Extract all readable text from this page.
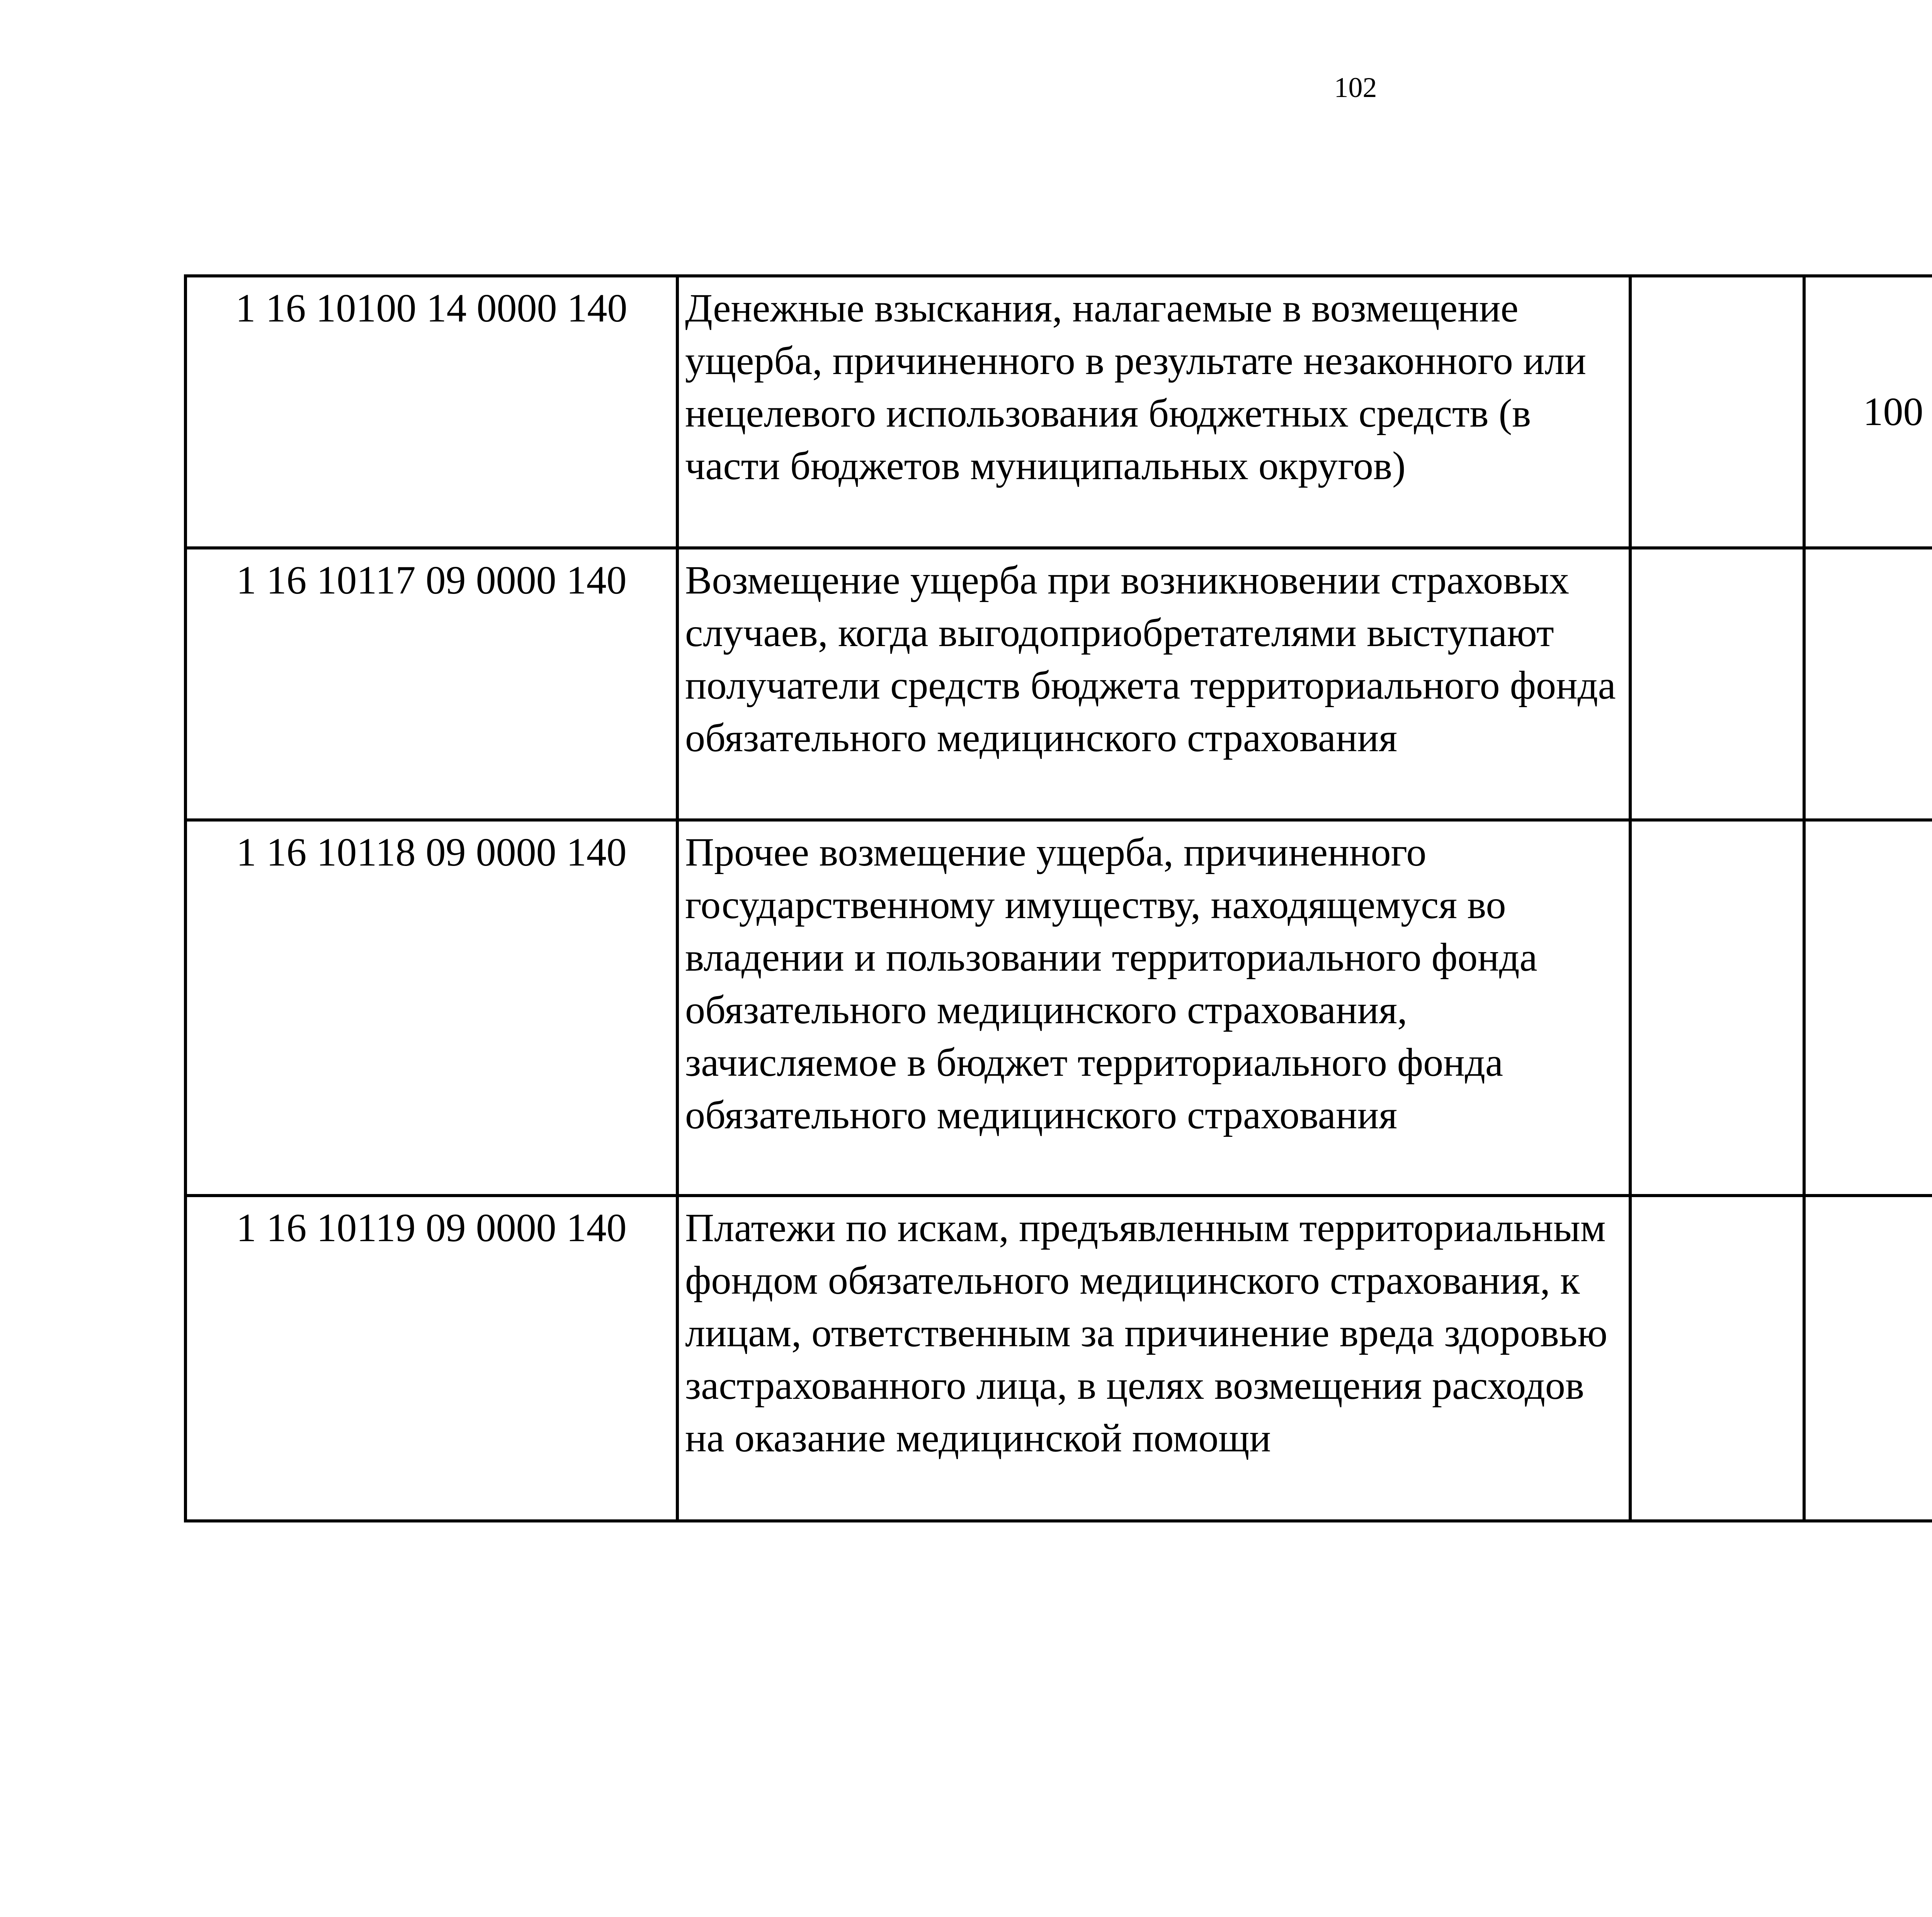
102
1 16 10100 14 0000 140	Денежные взыскания, налагаемые в возмещение ущерба, причиненного в результате незаконного или нецелевого использования бюджетных средств (в части бюджетов муниципальных округов)		100			
1 16 10117 09 0000 140	Возмещение ущерба при возникновении страховых случаев, когда выгодоприобретателями выступают получатели средств бюджета территориального фонда обязательного медицинского страхования					
1 16 10118 09 0000 140	Прочее возмещение ущерба, причиненного государственному имуществу, находящемуся во владении и пользовании территориального фонда обязательного медицинского страхования, зачисляемое в бюджет территориального фонда обязательного медицинского страхования					
1 16 10119 09 0000 140	Платежи по искам, предъявленным территориальным фондом обязательного медицинского страхования, к лицам, ответственным за причинение вреда здоровью застрахованного лица, в целях возмещения расходов на оказание медицинской помощи					
